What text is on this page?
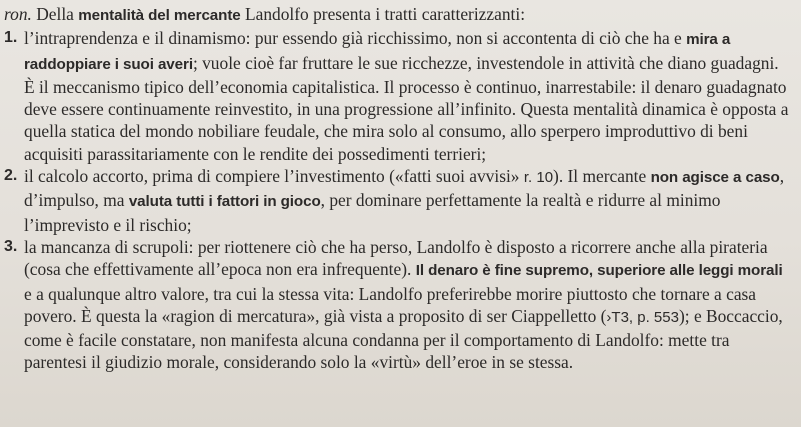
ron. Della mentalità del mercante Landolfo presenta i tratti caratterizzanti:

1. l’intraprendenza e il dinamismo: pur essendo già ricchissimo, non si accontenta di ciò che ha e mira a raddoppiare i suoi averi; vuole cioè far fruttare le sue ricchezze, investendole in attività che diano guadagni. È il meccanismo tipico dell’economia capitalistica. Il processo è continuo, inarrestabile: il denaro guadagnato deve essere continuamente reinvestito, in una progressione all’infinito. Questa mentalità dinamica è opposta a quella statica del mondo nobiliare feudale, che mira solo al consumo, allo sperpero improduttivo di beni acquisiti parassitariamente con le rendite dei possedimenti terrieri;

2. il calcolo accorto, prima di compiere l’investimento («fatti suoi avvisi» r. 10). Il mercante non agisce a caso, d’impulso, ma valuta tutti i fattori in gioco, per dominare perfettamente la realtà e ridurre al minimo l’imprevisto e il rischio;

3. la mancanza di scrupoli: per riottenere ciò che ha perso, Landolfo è disposto a ricorrere anche alla pirateria (cosa che effettivamente all’epoca non era infrequente). Il denaro è fine supremo, superiore alle leggi morali e a qualunque altro valore, tra cui la stessa vita: Landolfo preferirebbe morire piuttosto che tornare a casa povero. È questa la «ragion di mercatura», già vista a proposito di ser Ciappelletto (›T3, p. 553); e Boccaccio, come è facile constatare, non manifesta alcuna condanna per il comportamento di Landolfo: mette tra parentesi il giudizio morale, considerando solo la «virtù» dell’eroe in se stessa.
